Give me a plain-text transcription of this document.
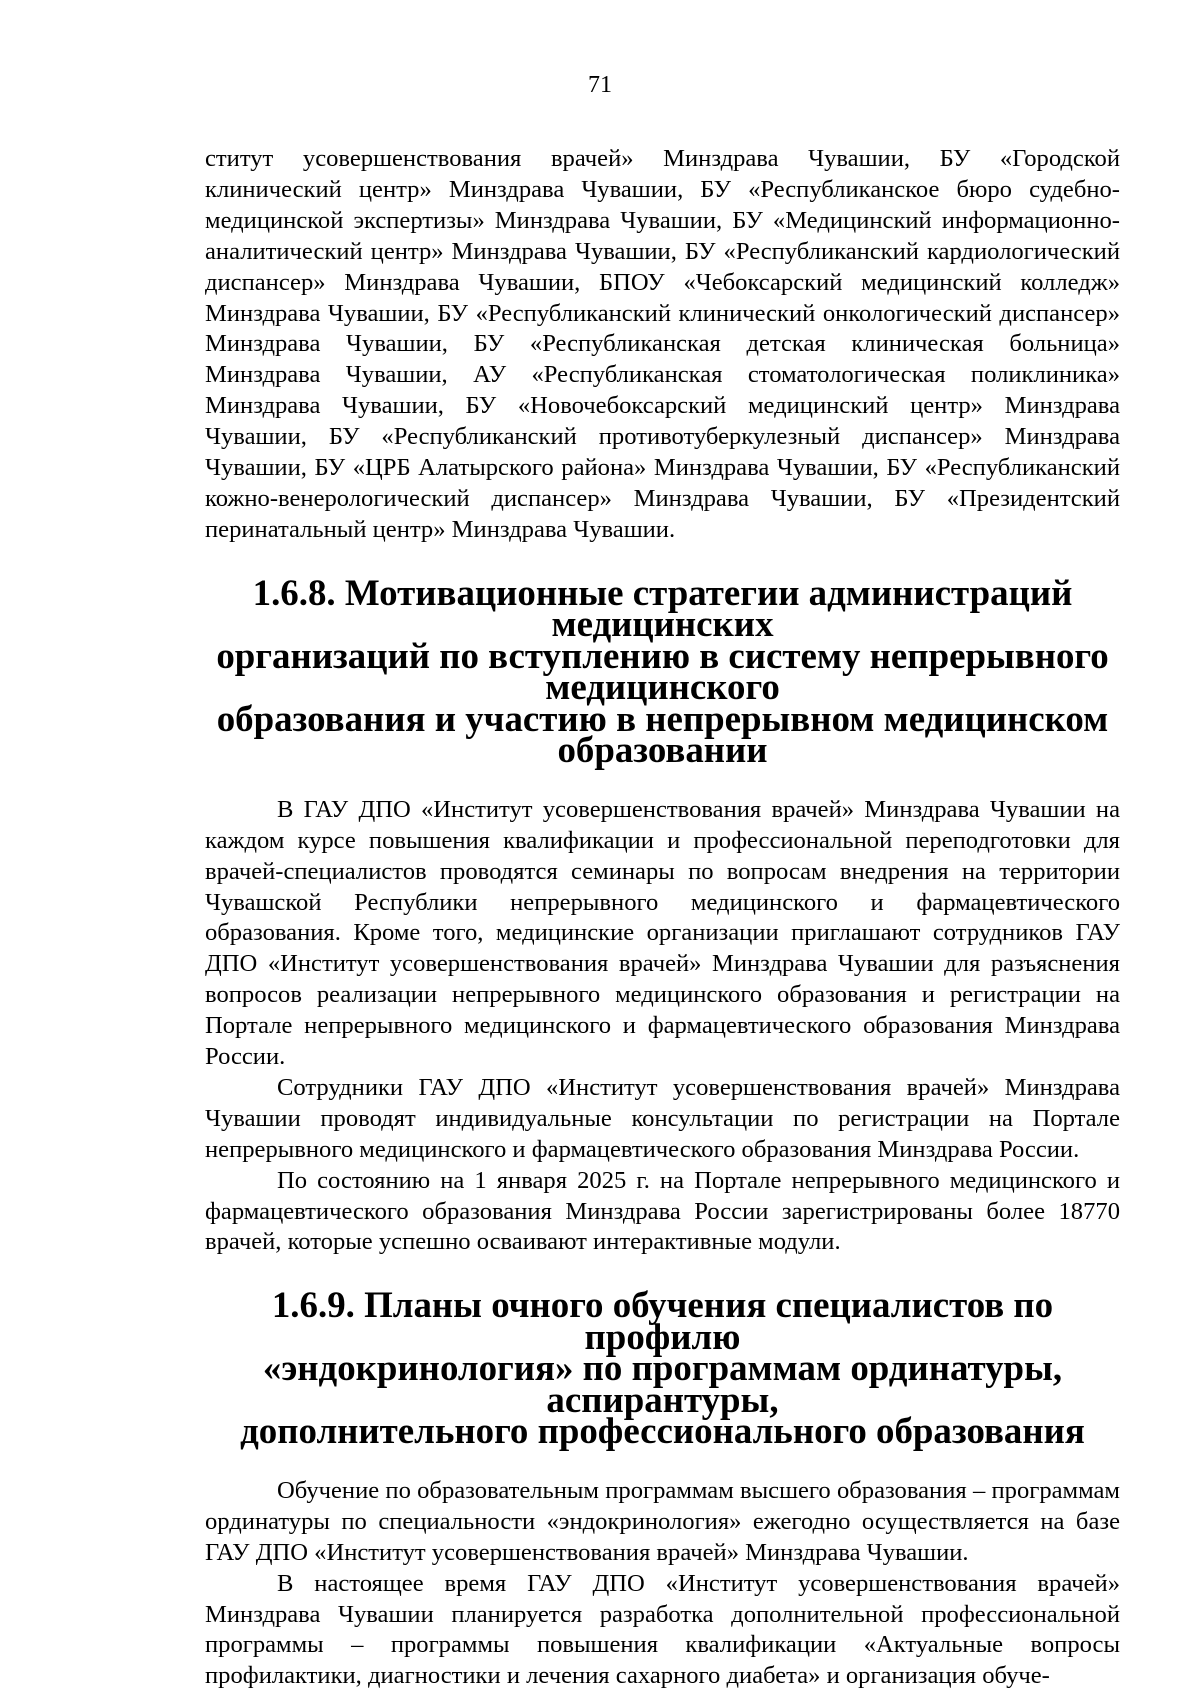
71

ститут усовершенствования врачей» Минздрава Чувашии, БУ «Городской клинический центр» Минздрава Чувашии, БУ «Республиканское бюро судебно-медицинской экспертизы» Минздрава Чувашии, БУ «Медицинский информационно-аналитический центр» Минздрава Чувашии, БУ «Республиканский кардиологический диспансер» Минздрава Чувашии, БПОУ «Чебоксарский медицинский колледж» Минздрава Чувашии, БУ «Республиканский клинический онкологический диспансер» Минздрава Чувашии, БУ «Республиканская детская клиническая больница» Минздрава Чувашии, АУ «Республиканская стоматологическая поликлиника» Минздрава Чувашии, БУ «Новочебоксарский медицинский центр» Минздрава Чувашии, БУ «Республиканский противотуберкулезный диспансер» Минздрава Чувашии, БУ «ЦРБ Алатырского района» Минздрава Чувашии, БУ «Республиканский кожно-венерологический диспансер» Минздрава Чувашии, БУ «Президентский перинатальный центр» Минздрава Чувашии.

1.6.8. Мотивационные стратегии администраций медицинских
организаций по вступлению в систему непрерывного медицинского
образования и участию в непрерывном медицинском образовании

В ГАУ ДПО «Институт усовершенствования врачей» Минздрава Чувашии на каждом курсе повышения квалификации и профессиональной переподготовки для врачей-специалистов проводятся семинары по вопросам внедрения на территории Чувашской Республики непрерывного медицинского и фармацевтического образования. Кроме того, медицинские организации приглашают сотрудников ГАУ ДПО «Институт усовершенствования врачей» Минздрава Чувашии для разъяснения вопросов реализации непрерывного медицинского образования и регистрации на Портале непрерывного медицинского и фармацевтического образования Минздрава России.

Сотрудники ГАУ ДПО «Институт усовершенствования врачей» Минздрава Чувашии проводят индивидуальные консультации по регистрации на Портале непрерывного медицинского и фармацевтического образования Минздрава России.

По состоянию на 1 января 2025 г. на Портале непрерывного медицинского и фармацевтического образования Минздрава России зарегистрированы более 18770 врачей, которые успешно осваивают интерактивные модули.

1.6.9. Планы очного обучения специалистов по профилю
«эндокринология» по программам ординатуры, аспирантуры,
дополнительного профессионального образования

Обучение по образовательным программам высшего образования – программам ординатуры по специальности «эндокринология» ежегодно осуществляется на базе ГАУ ДПО «Институт усовершенствования врачей» Минздрава Чувашии.

В настоящее время ГАУ ДПО «Институт усовершенствования врачей» Минздрава Чувашии планируется разработка дополнительной профессиональной программы – программы повышения квалификации «Актуальные вопросы профилактики, диагностики и лечения сахарного диабета» и организация обуче-
